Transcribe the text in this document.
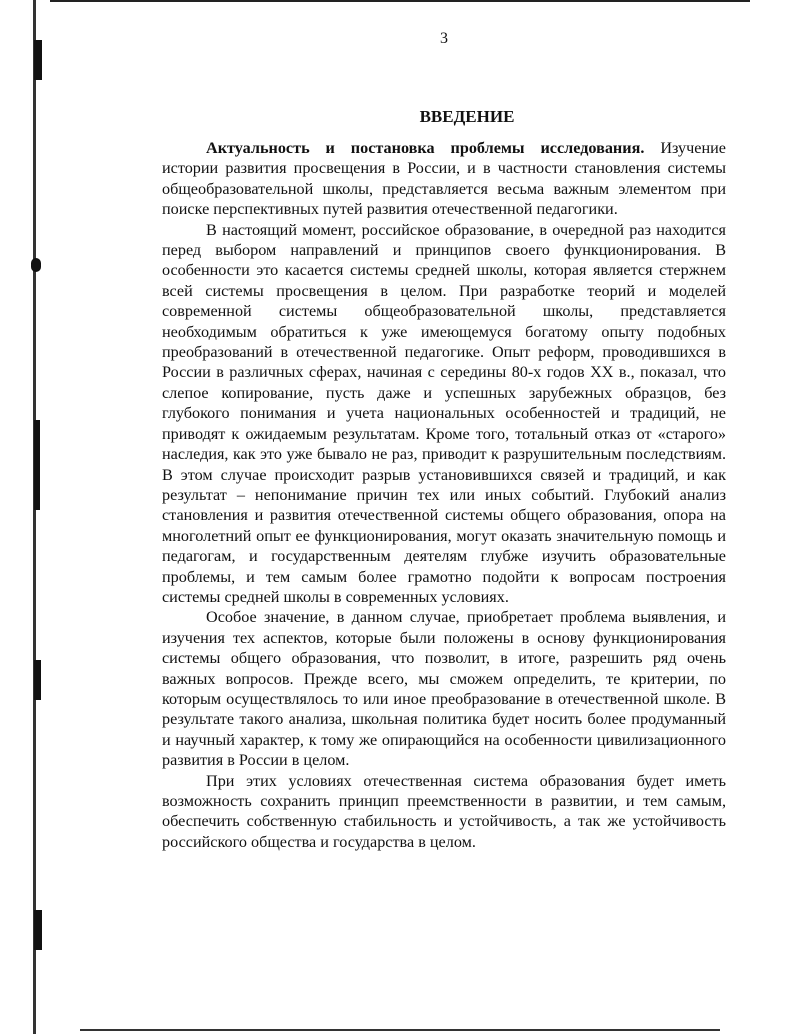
3
ВВЕДЕНИЕ

Актуальность и постановка проблемы исследования. Изучение истории развития просвещения в России, и в частности становления системы общеобразовательной школы, представляется весьма важным элементом при поиске перспективных путей развития отечественной педагогики.

В настоящий момент, российское образование, в очередной раз находится перед выбором направлений и принципов своего функционирования. В особенности это касается системы средней школы, которая является стержнем всей системы просвещения в целом. При разработке теорий и моделей современной системы общеобразовательной школы, представляется необходимым обратиться к уже имеющемуся богатому опыту подобных преобразований в отечественной педагогике. Опыт реформ, проводившихся в России в различных сферах, начиная с середины 80-х годов XX в., показал, что слепое копирование, пусть даже и успешных зарубежных образцов, без глубокого понимания и учета национальных особенностей и традиций, не приводят к ожидаемым результатам. Кроме того, тотальный отказ от «старого» наследия, как это уже бывало не раз, приводит к разрушительным последствиям. В этом случае происходит разрыв установившихся связей и традиций, и как результат – непонимание причин тех или иных событий. Глубокий анализ становления и развития отечественной системы общего образования, опора на многолетний опыт ее функционирования, могут оказать значительную помощь и педагогам, и государственным деятелям глубже изучить образовательные проблемы, и тем самым более грамотно подойти к вопросам построения системы средней школы в современных условиях.

Особое значение, в данном случае, приобретает проблема выявления, и изучения тех аспектов, которые были положены в основу функционирования системы общего образования, что позволит, в итоге, разрешить ряд очень важных вопросов. Прежде всего, мы сможем определить, те критерии, по которым осуществлялось то или иное преобразование в отечественной школе. В результате такого анализа, школьная политика будет носить более продуманный и научный характер, к тому же опирающийся на особенности цивилизационного развития в России в целом.

При этих условиях отечественная система образования будет иметь возможность сохранить принцип преемственности в развитии, и тем самым, обеспечить собственную стабильность и устойчивость, а так же устойчивость российского общества и государства в целом.
